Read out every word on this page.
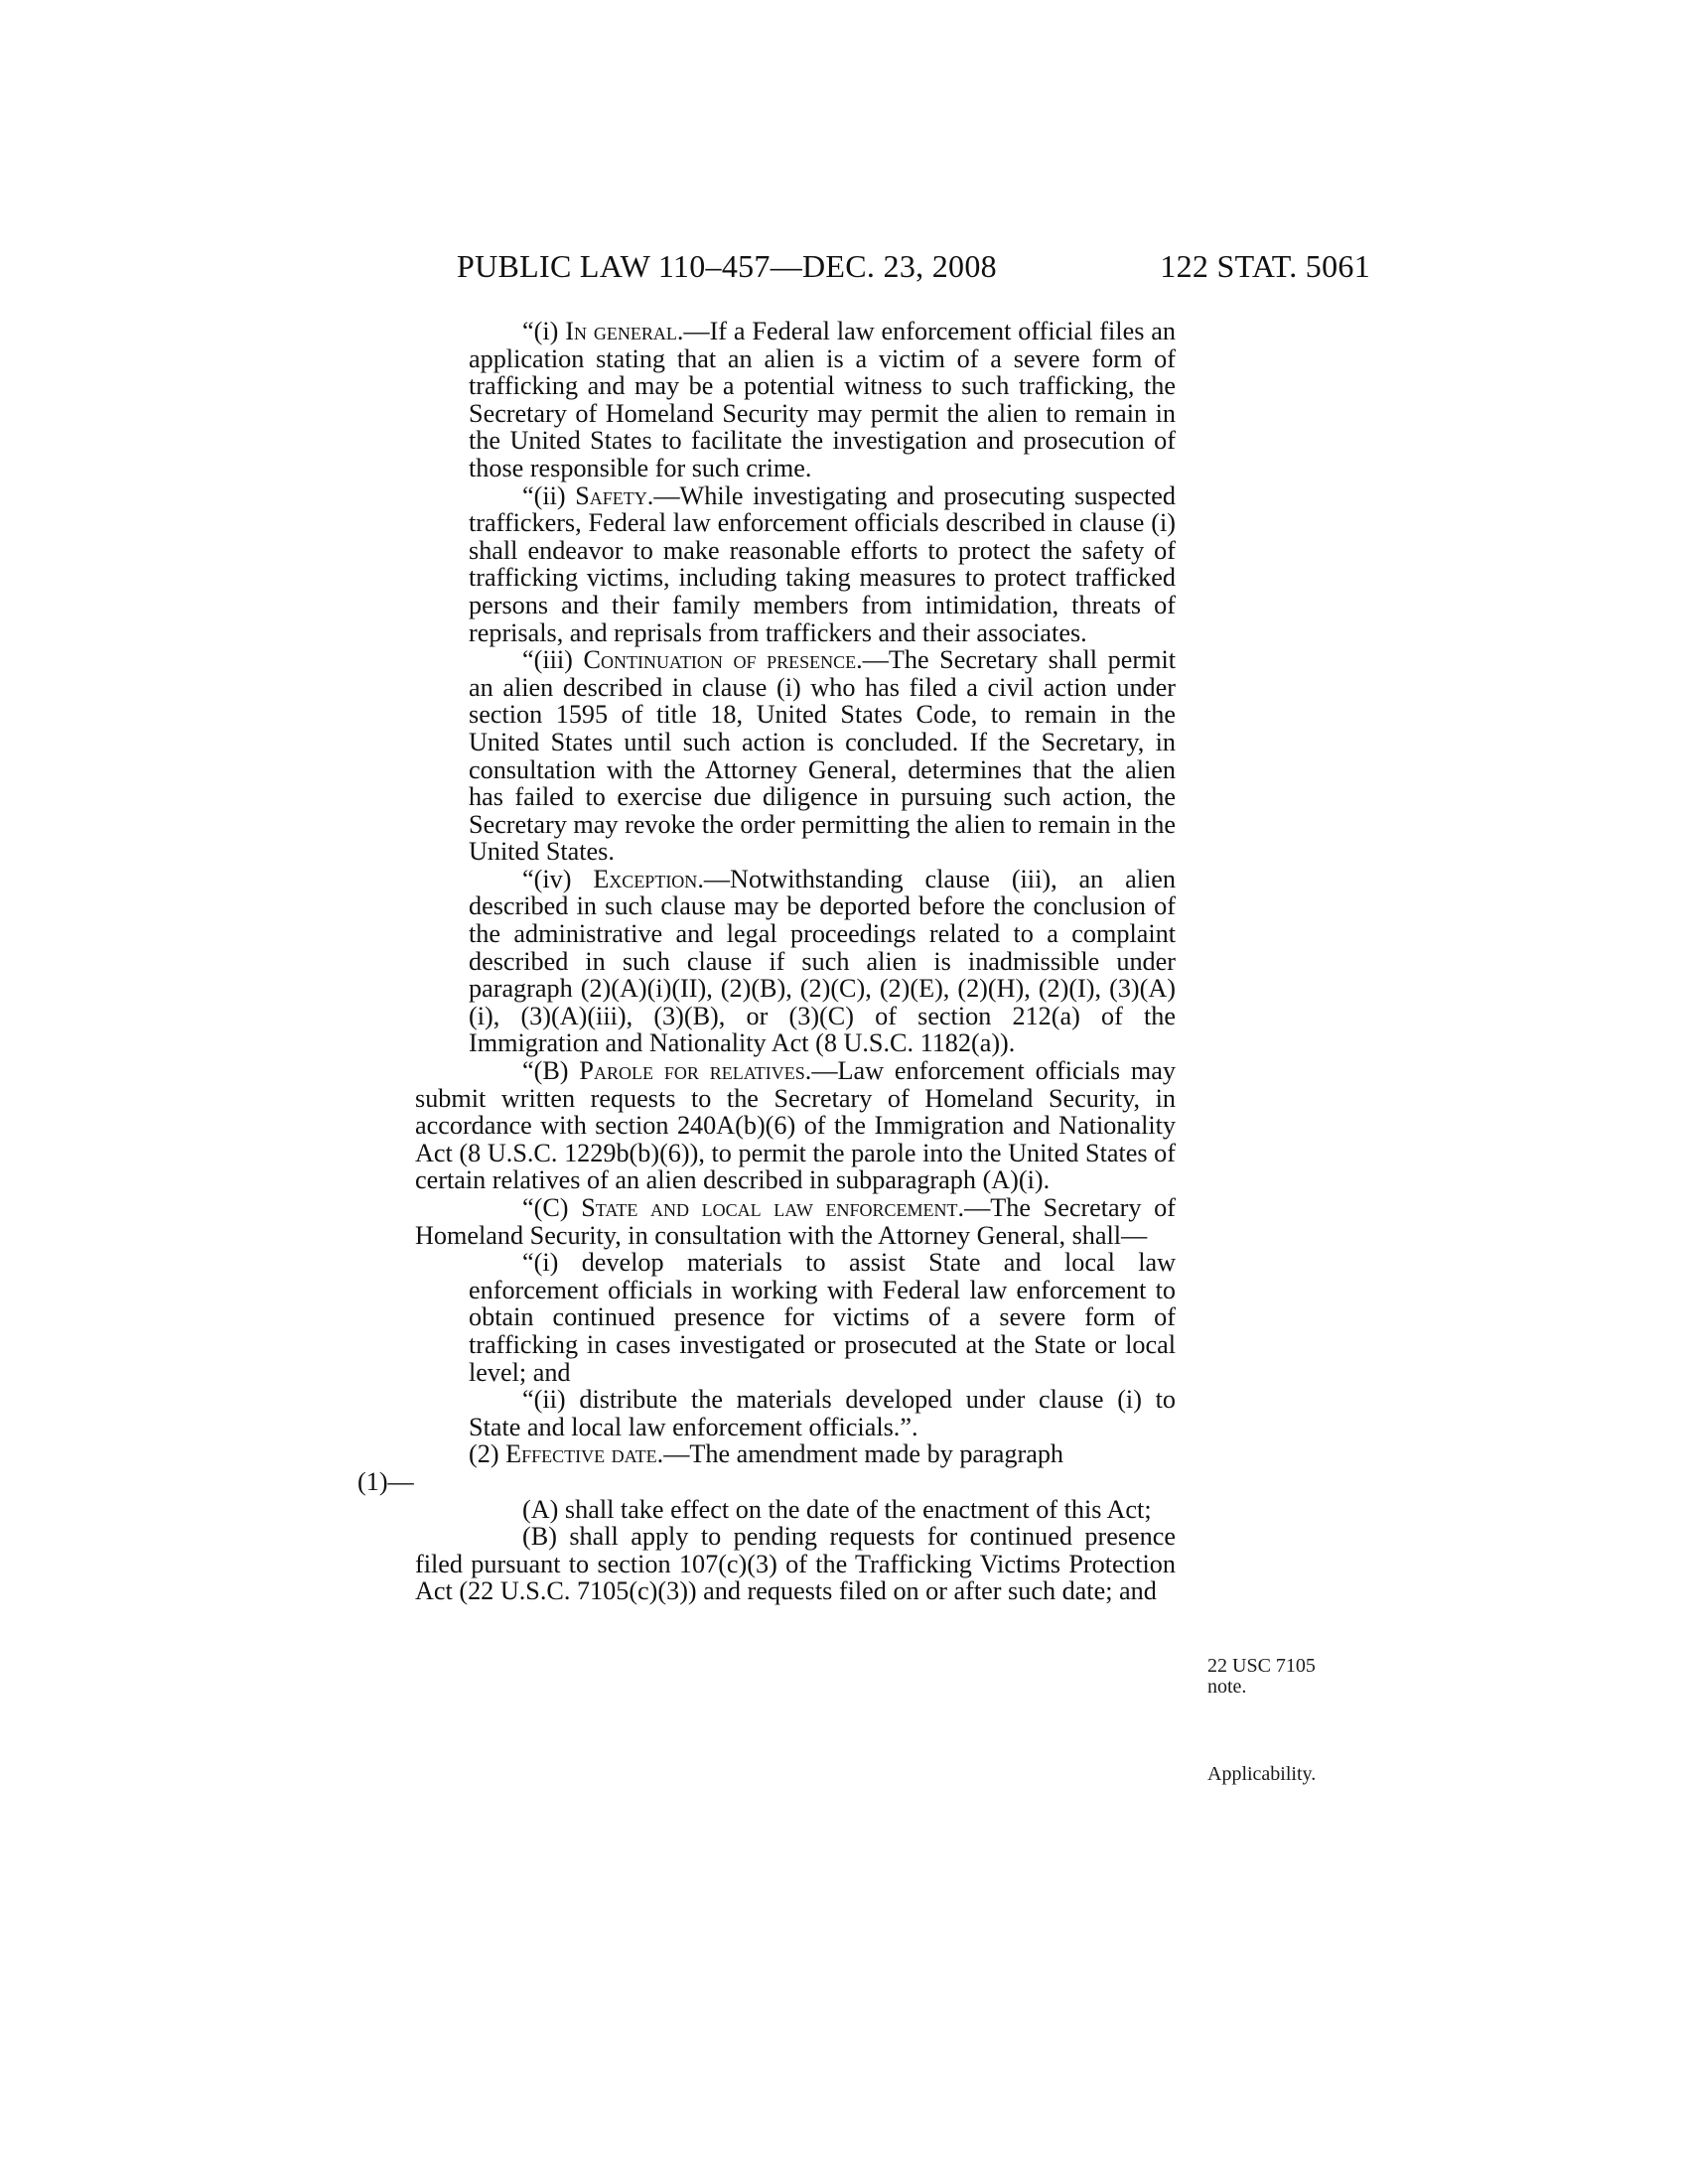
PUBLIC LAW 110–457—DEC. 23, 2008	122 STAT. 5061

“(i) In general.—If a Federal law enforcement official files an application stating that an alien is a victim of a severe form of trafficking and may be a potential witness to such trafficking, the Secretary of Homeland Security may permit the alien to remain in the United States to facilitate the investigation and prosecution of those responsible for such crime.

“(ii) Safety.—While investigating and prosecuting suspected traffickers, Federal law enforcement officials described in clause (i) shall endeavor to make reasonable efforts to protect the safety of trafficking victims, including taking measures to protect trafficked persons and their family members from intimidation, threats of reprisals, and reprisals from traffickers and their associates.

“(iii) Continuation of presence.—The Secretary shall permit an alien described in clause (i) who has filed a civil action under section 1595 of title 18, United States Code, to remain in the United States until such action is concluded. If the Secretary, in consultation with the Attorney General, determines that the alien has failed to exercise due diligence in pursuing such action, the Secretary may revoke the order permitting the alien to remain in the United States.

“(iv) Exception.—Notwithstanding clause (iii), an alien described in such clause may be deported before the conclusion of the administrative and legal proceedings related to a complaint described in such clause if such alien is inadmissible under paragraph (2)(A)(i)(II), (2)(B), (2)(C), (2)(E), (2)(H), (2)(I), (3)(A)(i), (3)(A)(iii), (3)(B), or (3)(C) of section 212(a) of the Immigration and Nationality Act (8 U.S.C. 1182(a)).

“(B) Parole for relatives.—Law enforcement officials may submit written requests to the Secretary of Homeland Security, in accordance with section 240A(b)(6) of the Immigration and Nationality Act (8 U.S.C. 1229b(b)(6)), to permit the parole into the United States of certain relatives of an alien described in subparagraph (A)(i).

“(C) State and local law enforcement.—The Secretary of Homeland Security, in consultation with the Attorney General, shall—

“(i) develop materials to assist State and local law enforcement officials in working with Federal law enforcement to obtain continued presence for victims of a severe form of trafficking in cases investigated or prosecuted at the State or local level; and

“(ii) distribute the materials developed under clause (i) to State and local law enforcement officials.”.

(2) Effective date.—The amendment made by paragraph

(1)—

(A) shall take effect on the date of the enactment of this Act;

(B) shall apply to pending requests for continued presence filed pursuant to section 107(c)(3) of the Trafficking Victims Protection Act (22 U.S.C. 7105(c)(3)) and requests filed on or after such date; and

22 USC 7105 note.
Applicability.
